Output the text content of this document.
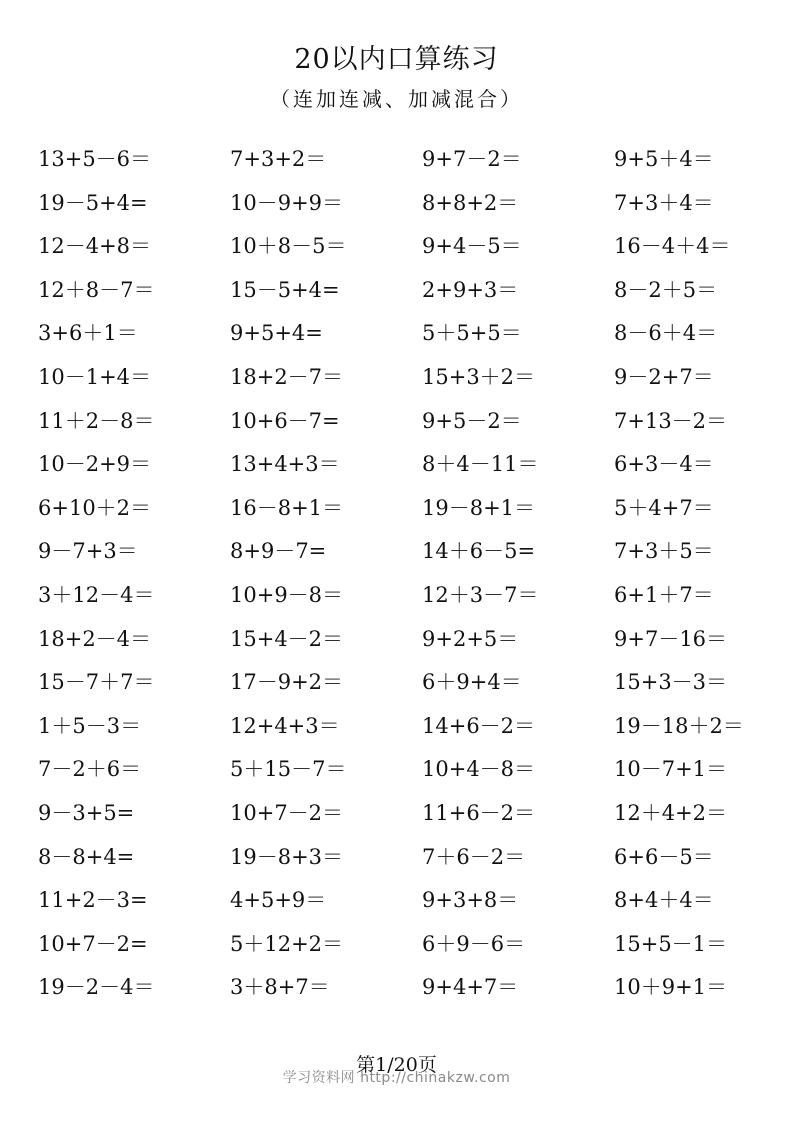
20以内口算练习
（连加连减、加减混合）
13+5－6＝	7+3+2＝	9+7－2＝	9+5＋4＝
19－5+4=	10－9+9＝	8+8+2＝	7+3＋4＝
12－4+8＝	10＋8－5＝	9+4－5＝	16－4＋4＝
12＋8－7＝	15－5+4=	2+9+3＝	8－2＋5＝
3+6＋1＝	9+5+4=	5＋5+5＝	8－6＋4＝
10－1+4＝	18+2－7＝	15+3＋2＝	9－2+7＝
11＋2－8＝	10+6－7=	9+5－2＝	7+13－2＝
10－2+9＝	13+4+3＝	8＋4－11＝	6+3－4＝
6+10＋2＝	16－8+1＝	19－8+1＝	5＋4+7＝
9－7+3＝	8+9－7=	14＋6－5=	7+3＋5＝
3＋12－4＝	10+9－8＝	12＋3－7＝	6+1＋7＝
18+2－4＝	15+4－2＝	9+2+5＝	9+7－16＝
15－7＋7＝	17－9+2＝	6＋9+4＝	15+3－3＝
1＋5－3＝	12+4+3＝	14+6－2＝	19－18＋2＝
7－2＋6＝	5＋15－7＝	10+4－8＝	10－7+1＝
9－3+5=	10+7－2＝	11+6－2＝	12＋4+2＝
8－8+4=	19－8+3＝	7＋6－2＝	6+6－5＝
11+2－3=	4+5+9＝	9+3+8＝	8+4＋4＝
10+7－2=	5＋12+2＝	6＋9－6＝	15+5－1＝
19－2－4＝	3＋8+7＝	9+4+7＝	10＋9+1＝
第1/20页
学习资料网 http://chinakzw.com
